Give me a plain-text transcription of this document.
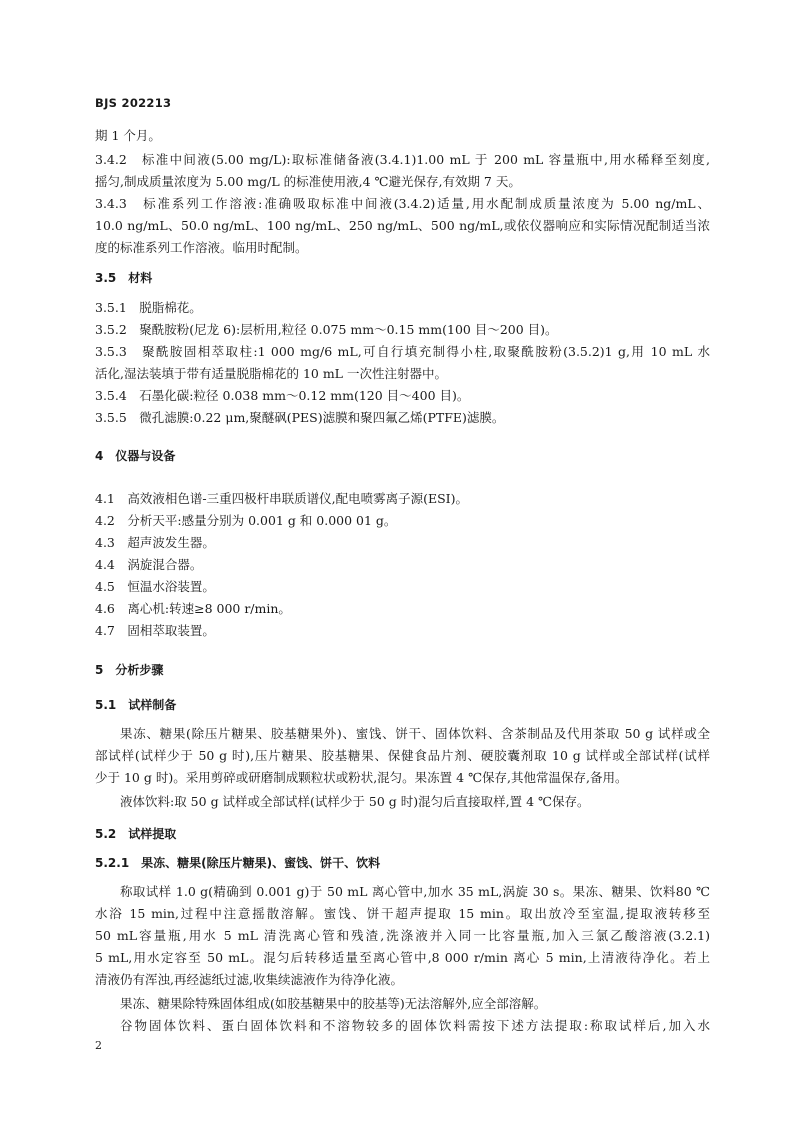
BJS 202213
期 1 个月。
3.4.2　标准中间液(5.00 mg/L):取标准储备液(3.4.1)1.00 mL 于 200 mL 容量瓶中,用水稀释至刻度,
摇匀,制成质量浓度为 5.00 mg/L 的标准使用液,4 ℃避光保存,有效期 7 天。
3.4.3　标准系列工作溶液:准确吸取标准中间液(3.4.2)适量,用水配制成质量浓度为 5.00 ng/mL、
10.0 ng/mL、50.0 ng/mL、100 ng/mL、250 ng/mL、500 ng/mL,或依仪器响应和实际情况配制适当浓
度的标准系列工作溶液。临用时配制。
3.5　材料
3.5.1　脱脂棉花。
3.5.2　聚酰胺粉(尼龙 6):层析用,粒径 0.075 mm～0.15 mm(100 目～200 目)。
3.5.3　聚酰胺固相萃取柱:1 000 mg/6 mL,可自行填充制得小柱,取聚酰胺粉(3.5.2)1 g,用 10 mL 水
活化,湿法装填于带有适量脱脂棉花的 10 mL 一次性注射器中。
3.5.4　石墨化碳:粒径 0.038 mm～0.12 mm(120 目～400 目)。
3.5.5　微孔滤膜:0.22 μm,聚醚砜(PES)滤膜和聚四氟乙烯(PTFE)滤膜。
4　仪器与设备
4.1　高效液相色谱-三重四极杆串联质谱仪,配电喷雾离子源(ESI)。
4.2　分析天平:感量分别为 0.001 g 和 0.000 01 g。
4.3　超声波发生器。
4.4　涡旋混合器。
4.5　恒温水浴装置。
4.6　离心机:转速≥8 000 r/min。
4.7　固相萃取装置。
5　分析步骤
5.1　试样制备
果冻、糖果(除压片糖果、胶基糖果外)、蜜饯、饼干、固体饮料、含茶制品及代用茶取 50 g 试样或全
部试样(试样少于 50 g 时),压片糖果、胶基糖果、保健食品片剂、硬胶囊剂取 10 g 试样或全部试样(试样
少于 10 g 时)。采用剪碎或研磨制成颗粒状或粉状,混匀。果冻置 4 ℃保存,其他常温保存,备用。
液体饮料:取 50 g 试样或全部试样(试样少于 50 g 时)混匀后直接取样,置 4 ℃保存。
5.2　试样提取
5.2.1　果冻、糖果(除压片糖果)、蜜饯、饼干、饮料
称取试样 1.0 g(精确到 0.001 g)于 50 mL 离心管中,加水 35 mL,涡旋 30 s。果冻、糖果、饮料80 ℃
水浴 15 min,过程中注意摇散溶解。蜜饯、饼干超声提取 15 min。取出放冷至室温,提取液转移至
50 mL容量瓶,用水 5 mL 清洗离心管和残渣,洗涤液并入同一比容量瓶,加入三氯乙酸溶液(3.2.1)
5 mL,用水定容至 50 mL。混匀后转移适量至离心管中,8 000 r/min 离心 5 min,上清液待净化。若上
清液仍有浑浊,再经滤纸过滤,收集续滤液作为待净化液。
果冻、糖果除特殊固体组成(如胶基糖果中的胶基等)无法溶解外,应全部溶解。
谷物固体饮料、蛋白固体饮料和不溶物较多的固体饮料需按下述方法提取:称取试样后,加入水
2
